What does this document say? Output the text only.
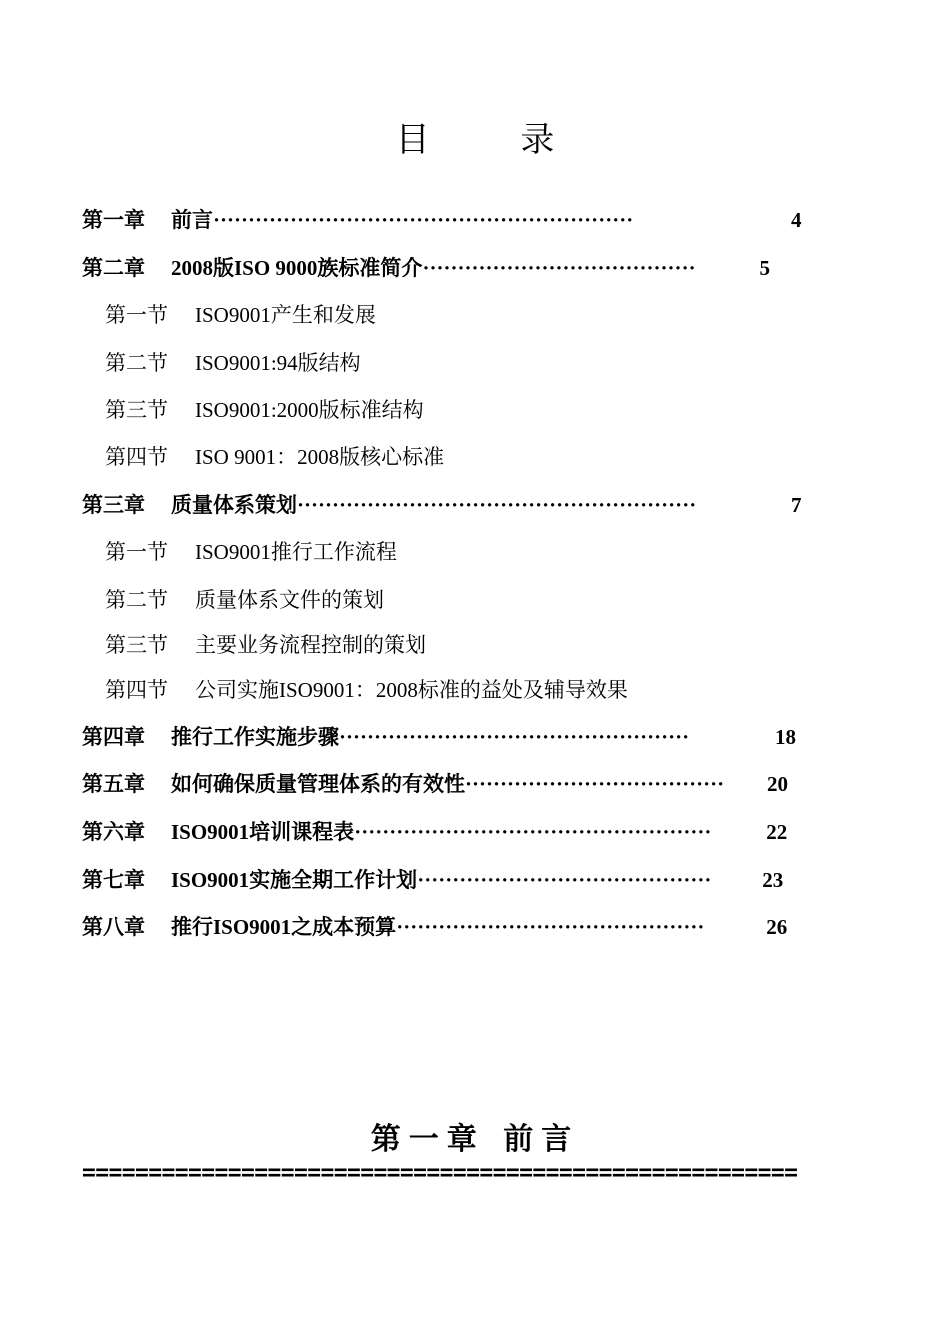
目 录
第一章 前言····························································	4
第二章 2008版ISO 9000族标准简介·······································	5
第一节 ISO9001产生和发展
第二节 ISO9001:94版结构
第三节 ISO9001:2000版标准结构
第四节 ISO 9001：2008版核心标准
第三章 质量体系策划·························································	7
第一节 ISO9001推行工作流程
第二节 质量体系文件的策划
第三节 主要业务流程控制的策划
第四节 公司实施ISO9001：2008标准的益处及辅导效果
第四章 推行工作实施步骤··················································	18
第五章 如何确保质量管理体系的有效性····································· 20
第六章 ISO9001培训课程表···················································	22
第七章 ISO9001实施全期工作计划·········································· 23
第八章 推行ISO9001之成本预算············································	26
第一章 前言
======================================================
